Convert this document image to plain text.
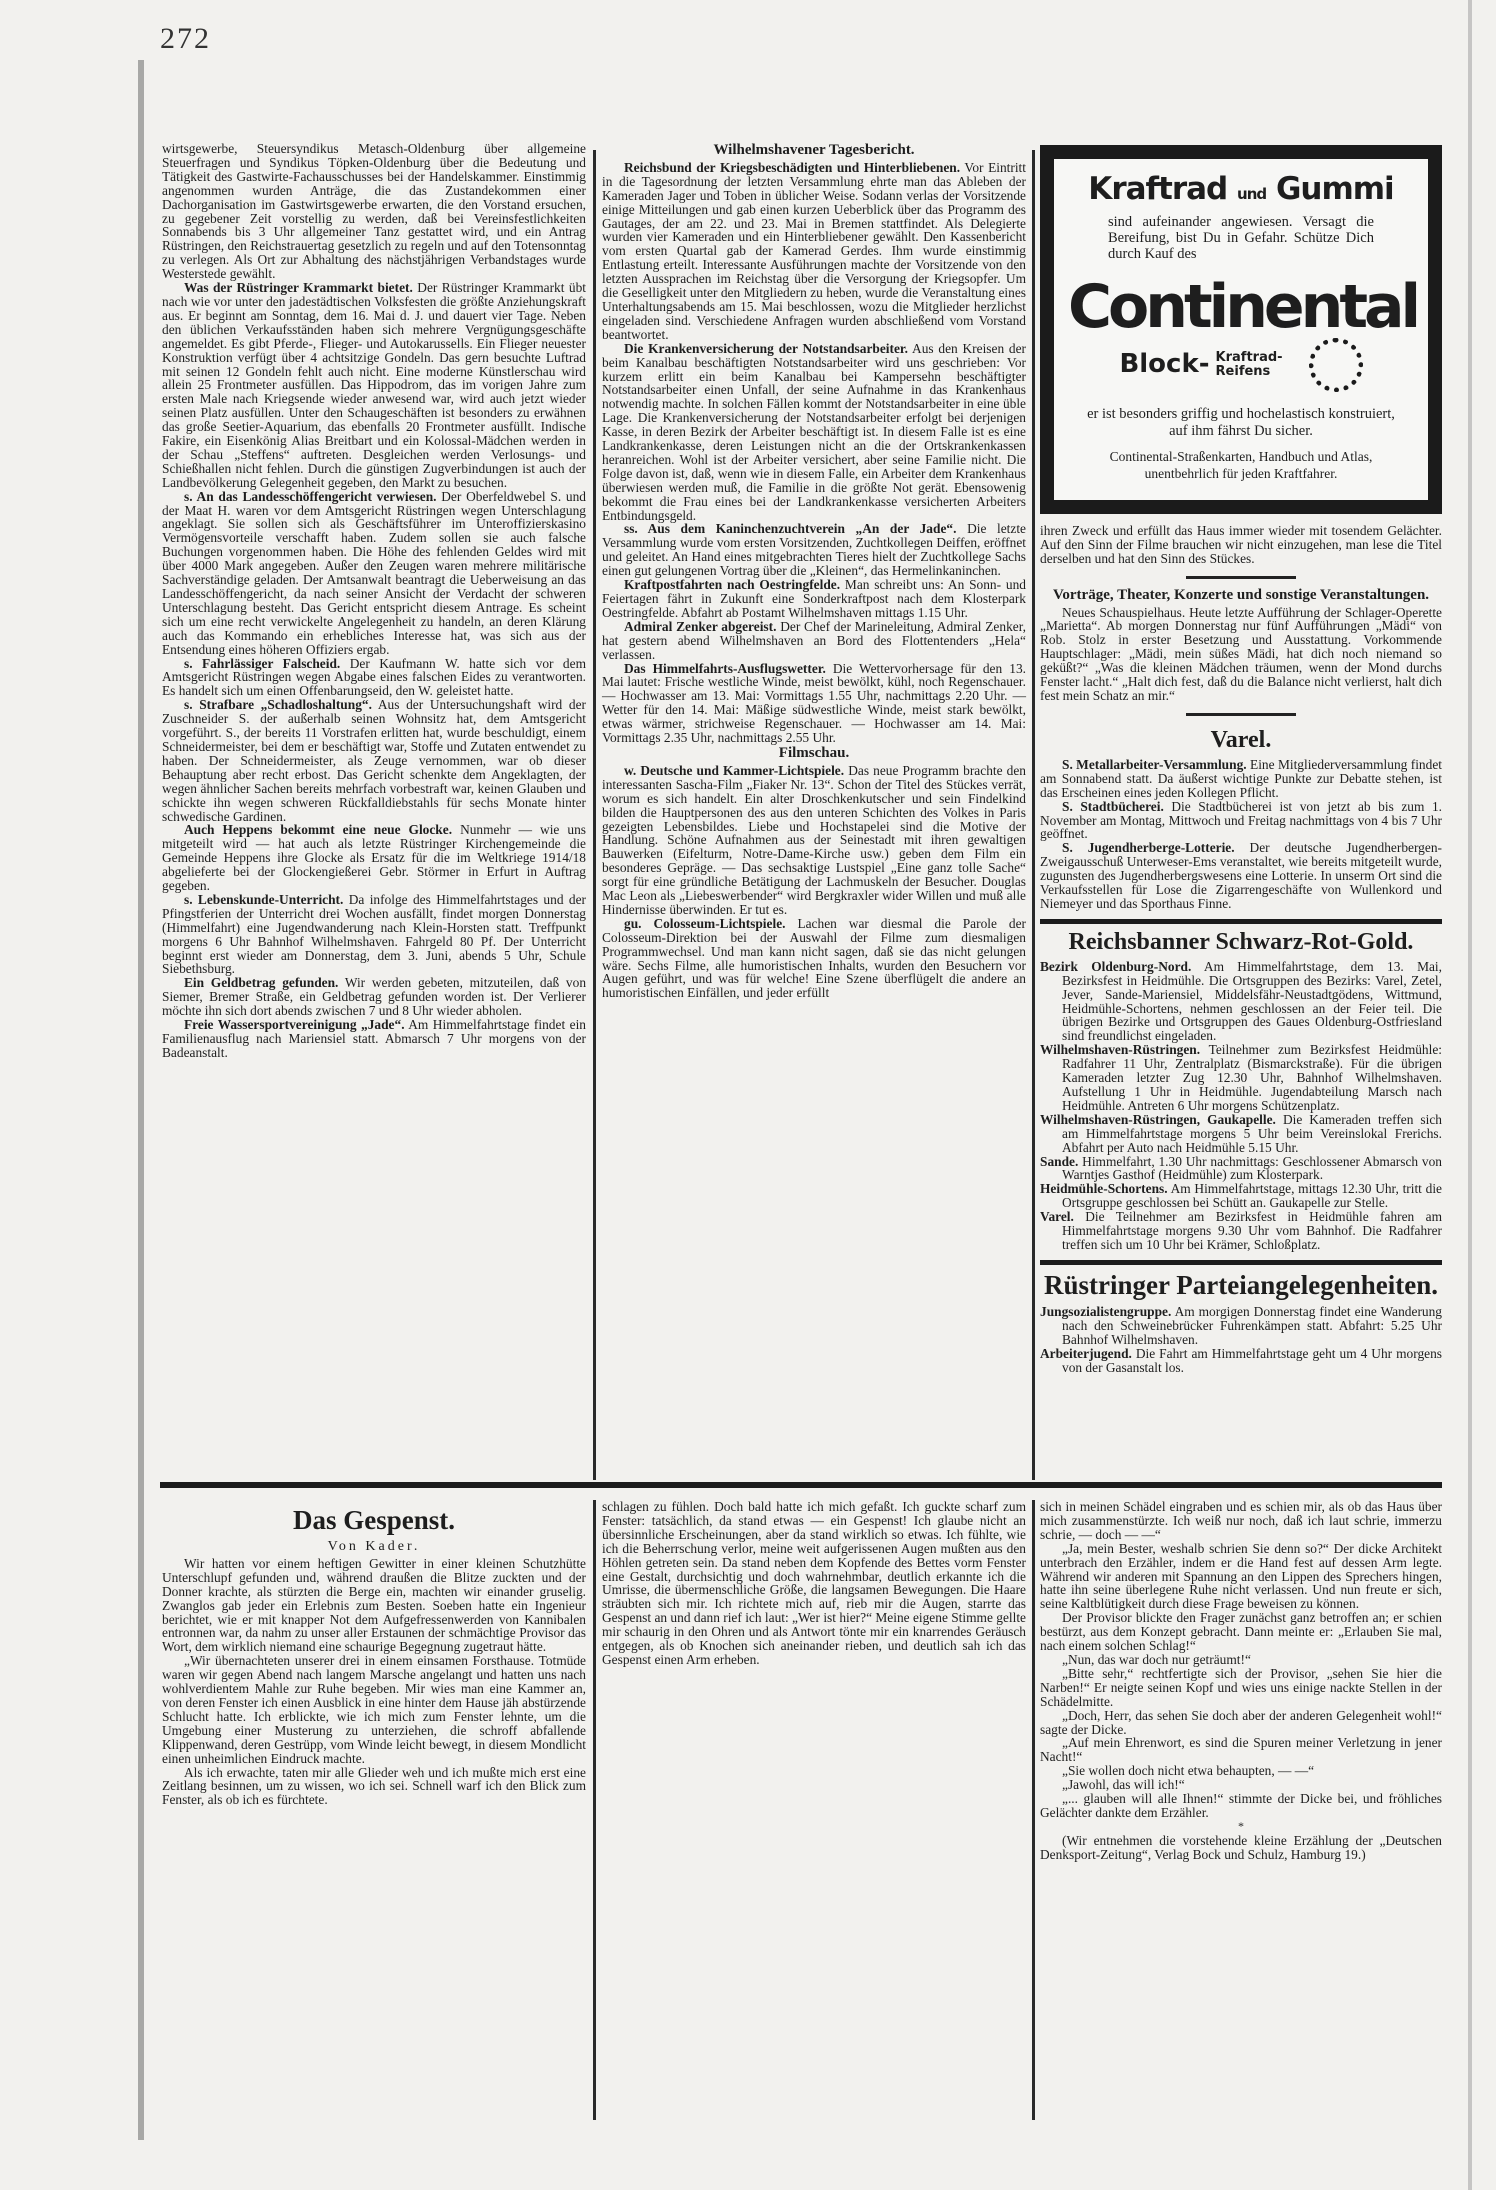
272

wirtsgewerbe, Steuersyndikus Metasch-Oldenburg über allgemeine Steuerfragen und Syndikus Töpken-Oldenburg über die Bedeutung und Tätigkeit des Gastwirte-Fachausschusses bei der Handelskammer. Einstimmig angenommen wurden Anträge, die das Zustandekommen einer Dachorganisation im Gastwirtsgewerbe erwarten, die den Vorstand ersuchen, zu gegebener Zeit vorstellig zu werden, daß bei Vereinsfestlichkeiten Sonnabends bis 3 Uhr allgemeiner Tanz gestattet wird, und ein Antrag Rüstringen, den Reichstrauertag gesetzlich zu regeln und auf den Totensonntag zu verlegen. Als Ort zur Abhaltung des nächstjährigen Verbandstages wurde Westerstede gewählt.

Was der Rüstringer Krammarkt bietet. Der Rüstringer Krammarkt übt nach wie vor unter den jadestädtischen Volksfesten die größte Anziehungskraft aus. Er beginnt am Sonntag, dem 16. Mai d. J. und dauert vier Tage. Neben den üblichen Verkaufsständen haben sich mehrere Vergnügungsgeschäfte angemeldet. Es gibt Pferde-, Flieger- und Autokarussells. Ein Flieger neuester Konstruktion verfügt über 4 achtsitzige Gondeln. Das gern besuchte Luftrad mit seinen 12 Gondeln fehlt auch nicht. Eine moderne Künstlerschau wird allein 25 Frontmeter ausfüllen. Das Hippodrom, das im vorigen Jahre zum ersten Male nach Kriegsende wieder anwesend war, wird auch jetzt wieder seinen Platz ausfüllen. Unter den Schaugeschäften ist besonders zu erwähnen das große Seetier-Aquarium, das ebenfalls 20 Frontmeter ausfüllt. Indische Fakire, ein Eisenkönig Alias Breitbart und ein Kolossal-Mädchen werden in der Schau „Steffens“ auftreten. Desgleichen werden Verlosungs- und Schießhallen nicht fehlen. Durch die günstigen Zugverbindungen ist auch der Landbevölkerung Gelegenheit gegeben, den Markt zu besuchen.

s. An das Landesschöffengericht verwiesen. Der Oberfeldwebel S. und der Maat H. waren vor dem Amtsgericht Rüstringen wegen Unterschlagung angeklagt. Sie sollen sich als Geschäftsführer im Unteroffizierskasino Vermögensvorteile verschafft haben. Zudem sollen sie auch falsche Buchungen vorgenommen haben. Die Höhe des fehlenden Geldes wird mit über 4000 Mark angegeben. Außer den Zeugen waren mehrere militärische Sachverständige geladen. Der Amtsanwalt beantragt die Ueberweisung an das Landesschöffengericht, da nach seiner Ansicht der Verdacht der schweren Unterschlagung besteht. Das Gericht entspricht diesem Antrage. Es scheint sich um eine recht verwickelte Angelegenheit zu handeln, an deren Klärung auch das Kommando ein erhebliches Interesse hat, was sich aus der Entsendung eines höheren Offiziers ergab.

s. Fahrlässiger Falscheid. Der Kaufmann W. hatte sich vor dem Amtsgericht Rüstringen wegen Abgabe eines falschen Eides zu verantworten. Es handelt sich um einen Offenbarungseid, den W. geleistet hatte.

s. Strafbare „Schadloshaltung“. Aus der Untersuchungshaft wird der Zuschneider S. der außerhalb seinen Wohnsitz hat, dem Amtsgericht vorgeführt. S., der bereits 11 Vorstrafen erlitten hat, wurde beschuldigt, einem Schneidermeister, bei dem er beschäftigt war, Stoffe und Zutaten entwendet zu haben. Der Schneidermeister, als Zeuge vernommen, war ob dieser Behauptung aber recht erbost. Das Gericht schenkte dem Angeklagten, der wegen ähnlicher Sachen bereits mehrfach vorbestraft war, keinen Glauben und schickte ihn wegen schweren Rückfalldiebstahls für sechs Monate hinter schwedische Gardinen.

Auch Heppens bekommt eine neue Glocke. Nunmehr — wie uns mitgeteilt wird — hat auch als letzte Rüstringer Kirchengemeinde die Gemeinde Heppens ihre Glocke als Ersatz für die im Weltkriege 1914/18 abgelieferte bei der Glockengießerei Gebr. Störmer in Erfurt in Auftrag gegeben.

s. Lebenskunde-Unterricht. Da infolge des Himmelfahrtstages und der Pfingstferien der Unterricht drei Wochen ausfällt, findet morgen Donnerstag (Himmelfahrt) eine Jugendwanderung nach Klein-Horsten statt. Treffpunkt morgens 6 Uhr Bahnhof Wilhelmshaven. Fahrgeld 80 Pf. Der Unterricht beginnt erst wieder am Donnerstag, dem 3. Juni, abends 5 Uhr, Schule Siebethsburg.

Ein Geldbetrag gefunden. Wir werden gebeten, mitzuteilen, daß von Siemer, Bremer Straße, ein Geldbetrag gefunden worden ist. Der Verlierer möchte ihn sich dort abends zwischen 7 und 8 Uhr wieder abholen.

Freie Wassersportvereinigung „Jade“. Am Himmelfahrtstage findet ein Familienausflug nach Mariensiel statt. Abmarsch 7 Uhr morgens von der Badeanstalt.

Wilhelmshavener Tagesbericht.

Reichsbund der Kriegsbeschädigten und Hinterbliebenen. Vor Eintritt in die Tagesordnung der letzten Versammlung ehrte man das Ableben der Kameraden Jager und Toben in üblicher Weise. Sodann verlas der Vorsitzende einige Mitteilungen und gab einen kurzen Ueberblick über das Programm des Gautages, der am 22. und 23. Mai in Bremen stattfindet. Als Delegierte wurden vier Kameraden und ein Hinterbliebener gewählt. Den Kassenbericht vom ersten Quartal gab der Kamerad Gerdes. Ihm wurde einstimmig Entlastung erteilt. Interessante Ausführungen machte der Vorsitzende von den letzten Aussprachen im Reichstag über die Versorgung der Kriegsopfer. Um die Geselligkeit unter den Mitgliedern zu heben, wurde die Veranstaltung eines Unterhaltungsabends am 15. Mai beschlossen, wozu die Mitglieder herzlichst eingeladen sind. Verschiedene Anfragen wurden abschließend vom Vorstand beantwortet.

Die Krankenversicherung der Notstandsarbeiter. Aus den Kreisen der beim Kanalbau beschäftigten Notstandsarbeiter wird uns geschrieben: Vor kurzem erlitt ein beim Kanalbau bei Kampersehn beschäftigter Notstandsarbeiter einen Unfall, der seine Aufnahme in das Krankenhaus notwendig machte. In solchen Fällen kommt der Notstandsarbeiter in eine üble Lage. Die Krankenversicherung der Notstandsarbeiter erfolgt bei derjenigen Kasse, in deren Bezirk der Arbeiter beschäftigt ist. In diesem Falle ist es eine Landkrankenkasse, deren Leistungen nicht an die der Ortskrankenkassen heranreichen. Wohl ist der Arbeiter versichert, aber seine Familie nicht. Die Folge davon ist, daß, wenn wie in diesem Falle, ein Arbeiter dem Krankenhaus überwiesen werden muß, die Familie in die größte Not gerät. Ebensowenig bekommt die Frau eines bei der Landkrankenkasse versicherten Arbeiters Entbindungsgeld.

ss. Aus dem Kaninchenzuchtverein „An der Jade“. Die letzte Versammlung wurde vom ersten Vorsitzenden, Zuchtkollegen Deiffen, eröffnet und geleitet. An Hand eines mitgebrachten Tieres hielt der Zuchtkollege Sachs einen gut gelungenen Vortrag über die „Kleinen“, das Hermelinkaninchen.

Kraftpostfahrten nach Oestringfelde. Man schreibt uns: An Sonn- und Feiertagen fährt in Zukunft eine Sonderkraftpost nach dem Klosterpark Oestringfelde. Abfahrt ab Postamt Wilhelmshaven mittags 1.15 Uhr.

Admiral Zenker abgereist. Der Chef der Marineleitung, Admiral Zenker, hat gestern abend Wilhelmshaven an Bord des Flottentenders „Hela“ verlassen.

Das Himmelfahrts-Ausflugswetter. Die Wettervorhersage für den 13. Mai lautet: Frische westliche Winde, meist bewölkt, kühl, noch Regenschauer. — Hochwasser am 13. Mai: Vormittags 1.55 Uhr, nachmittags 2.20 Uhr. — Wetter für den 14. Mai: Mäßige südwestliche Winde, meist stark bewölkt, etwas wärmer, strichweise Regenschauer. — Hochwasser am 14. Mai: Vormittags 2.35 Uhr, nachmittags 2.55 Uhr.

Filmschau.

w. Deutsche und Kammer-Lichtspiele. Das neue Programm brachte den interessanten Sascha-Film „Fiaker Nr. 13“. Schon der Titel des Stückes verrät, worum es sich handelt. Ein alter Droschkenkutscher und sein Findelkind bilden die Hauptpersonen des aus den unteren Schichten des Volkes in Paris gezeigten Lebensbildes. Liebe und Hochstapelei sind die Motive der Handlung. Schöne Aufnahmen aus der Seinestadt mit ihren gewaltigen Bauwerken (Eifelturm, Notre-Dame-Kirche usw.) geben dem Film ein besonderes Gepräge. — Das sechsaktige Lustspiel „Eine ganz tolle Sache“ sorgt für eine gründliche Betätigung der Lachmuskeln der Besucher. Douglas Mac Leon als „Liebeswerbender“ wird Bergkraxler wider Willen und muß alle Hindernisse überwinden. Er tut es.

gu. Colosseum-Lichtspiele. Lachen war diesmal die Parole der Colosseum-Direktion bei der Auswahl der Filme zum diesmaligen Programmwechsel. Und man kann nicht sagen, daß sie das nicht gelungen wäre. Sechs Filme, alle humoristischen Inhalts, wurden den Besuchern vor Augen geführt, und was für welche! Eine Szene überflügelt die andere an humoristischen Einfällen, und jeder erfüllt

Kraftrad und Gummi
sind aufeinander angewiesen. Versagt die Bereifung, bist Du in Gefahr. Schütze Dich durch Kauf des
Continental
Block- Kraftrad-
Reifens
er ist besonders griffig und hochelastisch konstruiert, auf ihm fährst Du sicher.
Continental-Straßenkarten, Handbuch und Atlas, unentbehrlich für jeden Kraftfahrer.

ihren Zweck und erfüllt das Haus immer wieder mit tosendem Gelächter. Auf den Sinn der Filme brauchen wir nicht einzugehen, man lese die Titel derselben und hat den Sinn des Stückes.

Vorträge, Theater, Konzerte und sonstige Veranstaltungen.

Neues Schauspielhaus. Heute letzte Aufführung der Schlager-Operette „Marietta“. Ab morgen Donnerstag nur fünf Aufführungen „Mädi“ von Rob. Stolz in erster Besetzung und Ausstattung. Vorkommende Hauptschlager: „Mädi, mein süßes Mädi, hat dich noch niemand so geküßt?“ „Was die kleinen Mädchen träumen, wenn der Mond durchs Fenster lacht.“ „Halt dich fest, daß du die Balance nicht verlierst, halt dich fest mein Schatz an mir.“

Varel.

S. Metallarbeiter-Versammlung. Eine Mitgliederversammlung findet am Sonnabend statt. Da äußerst wichtige Punkte zur Debatte stehen, ist das Erscheinen eines jeden Kollegen Pflicht.

S. Stadtbücherei. Die Stadtbücherei ist von jetzt ab bis zum 1. November am Montag, Mittwoch und Freitag nachmittags von 4 bis 7 Uhr geöffnet.

S. Jugendherberge-Lotterie. Der deutsche Jugendherbergen-Zweigausschuß Unterweser-Ems veranstaltet, wie bereits mitgeteilt wurde, zugunsten des Jugendherbergswesens eine Lotterie. In unserm Ort sind die Verkaufsstellen für Lose die Zigarrengeschäfte von Wullenkord und Niemeyer und das Sporthaus Finne.

Reichsbanner Schwarz-Rot-Gold.

Bezirk Oldenburg-Nord. Am Himmelfahrtstage, dem 13. Mai, Bezirksfest in Heidmühle. Die Ortsgruppen des Bezirks: Varel, Zetel, Jever, Sande-Mariensiel, Middelsfähr-Neustadtgödens, Wittmund, Heidmühle-Schortens, nehmen geschlossen an der Feier teil. Die übrigen Bezirke und Ortsgruppen des Gaues Oldenburg-Ostfriesland sind freundlichst eingeladen.

Wilhelmshaven-Rüstringen. Teilnehmer zum Bezirksfest Heidmühle: Radfahrer 11 Uhr, Zentralplatz (Bismarckstraße). Für die übrigen Kameraden letzter Zug 12.30 Uhr, Bahnhof Wilhelmshaven. Aufstellung 1 Uhr in Heidmühle. Jugendabteilung Marsch nach Heidmühle. Antreten 6 Uhr morgens Schützenplatz.

Wilhelmshaven-Rüstringen, Gaukapelle. Die Kameraden treffen sich am Himmelfahrtstage morgens 5 Uhr beim Vereinslokal Frerichs. Abfahrt per Auto nach Heidmühle 5.15 Uhr.

Sande. Himmelfahrt, 1.30 Uhr nachmittags: Geschlossener Abmarsch von Warntjes Gasthof (Heidmühle) zum Klosterpark.

Heidmühle-Schortens. Am Himmelfahrtstage, mittags 12.30 Uhr, tritt die Ortsgruppe geschlossen bei Schütt an. Gaukapelle zur Stelle.

Varel. Die Teilnehmer am Bezirksfest in Heidmühle fahren am Himmelfahrtstage morgens 9.30 Uhr vom Bahnhof. Die Radfahrer treffen sich um 10 Uhr bei Krämer, Schloßplatz.

Rüstringer Parteiangelegenheiten.

Jungsozialistengruppe. Am morgigen Donnerstag findet eine Wanderung nach den Schweinebrücker Fuhrenkämpen statt. Abfahrt: 5.25 Uhr Bahnhof Wilhelmshaven.

Arbeiterjugend. Die Fahrt am Himmelfahrtstage geht um 4 Uhr morgens von der Gasanstalt los.

Das Gespenst.
Von Kader.

Wir hatten vor einem heftigen Gewitter in einer kleinen Schutzhütte Unterschlupf gefunden und, während draußen die Blitze zuckten und der Donner krachte, als stürzten die Berge ein, machten wir einander gruselig. Zwanglos gab jeder ein Erlebnis zum Besten. Soeben hatte ein Ingenieur berichtet, wie er mit knapper Not dem Aufgefressenwerden von Kannibalen entronnen war, da nahm zu unser aller Erstaunen der schmächtige Provisor das Wort, dem wirklich niemand eine schaurige Begegnung zugetraut hätte.

„Wir übernachteten unserer drei in einem einsamen Forsthause. Totmüde waren wir gegen Abend nach langem Marsche angelangt und hatten uns nach wohlverdientem Mahle zur Ruhe begeben. Mir wies man eine Kammer an, von deren Fenster ich einen Ausblick in eine hinter dem Hause jäh abstürzende Schlucht hatte. Ich erblickte, wie ich mich zum Fenster lehnte, um die Umgebung einer Musterung zu unterziehen, die schroff abfallende Klippenwand, deren Gestrüpp, vom Winde leicht bewegt, in diesem Mondlicht einen unheimlichen Eindruck machte.

Als ich erwachte, taten mir alle Glieder weh und ich mußte mich erst eine Zeitlang besinnen, um zu wissen, wo ich sei. Schnell warf ich den Blick zum Fenster, als ob ich es fürchtete.

schlagen zu fühlen. Doch bald hatte ich mich gefaßt. Ich guckte scharf zum Fenster: tatsächlich, da stand etwas — ein Gespenst! Ich glaube nicht an übersinnliche Erscheinungen, aber da stand wirklich so etwas. Ich fühlte, wie ich die Beherrschung verlor, meine weit aufgerissenen Augen mußten aus den Höhlen getreten sein. Da stand neben dem Kopfende des Bettes vorm Fenster eine Gestalt, durchsichtig und doch wahrnehmbar, deutlich erkannte ich die Umrisse, die übermenschliche Größe, die langsamen Bewegungen. Die Haare sträubten sich mir. Ich richtete mich auf, rieb mir die Augen, starrte das Gespenst an und dann rief ich laut: „Wer ist hier?“ Meine eigene Stimme gellte mir schaurig in den Ohren und als Antwort tönte mir ein knarrendes Geräusch entgegen, als ob Knochen sich aneinander rieben, und deutlich sah ich das Gespenst einen Arm erheben.

sich in meinen Schädel eingraben und es schien mir, als ob das Haus über mich zusammenstürzte. Ich weiß nur noch, daß ich laut schrie, immerzu schrie, — doch — —“

„Ja, mein Bester, weshalb schrien Sie denn so?“ Der dicke Architekt unterbrach den Erzähler, indem er die Hand fest auf dessen Arm legte. Während wir anderen mit Spannung an den Lippen des Sprechers hingen, hatte ihn seine überlegene Ruhe nicht verlassen. Und nun freute er sich, seine Kaltblütigkeit durch diese Frage beweisen zu können.

Der Provisor blickte den Frager zunächst ganz betroffen an; er schien bestürzt, aus dem Konzept gebracht. Dann meinte er: „Erlauben Sie mal, nach einem solchen Schlag!“

„Nun, das war doch nur geträumt!“

„Bitte sehr,“ rechtfertigte sich der Provisor, „sehen Sie hier die Narben!“ Er neigte seinen Kopf und wies uns einige nackte Stellen in der Schädelmitte.

„Doch, Herr, das sehen Sie doch aber der anderen Gelegenheit wohl!“ sagte der Dicke.

„Auf mein Ehrenwort, es sind die Spuren meiner Verletzung in jener Nacht!“

„Sie wollen doch nicht etwa behaupten, — —“

„Jawohl, das will ich!“

„... glauben will alle Ihnen!“ stimmte der Dicke bei, und fröhliches Gelächter dankte dem Erzähler.

*

(Wir entnehmen die vorstehende kleine Erzählung der „Deutschen Denksport-Zeitung“, Verlag Bock und Schulz, Hamburg 19.)
